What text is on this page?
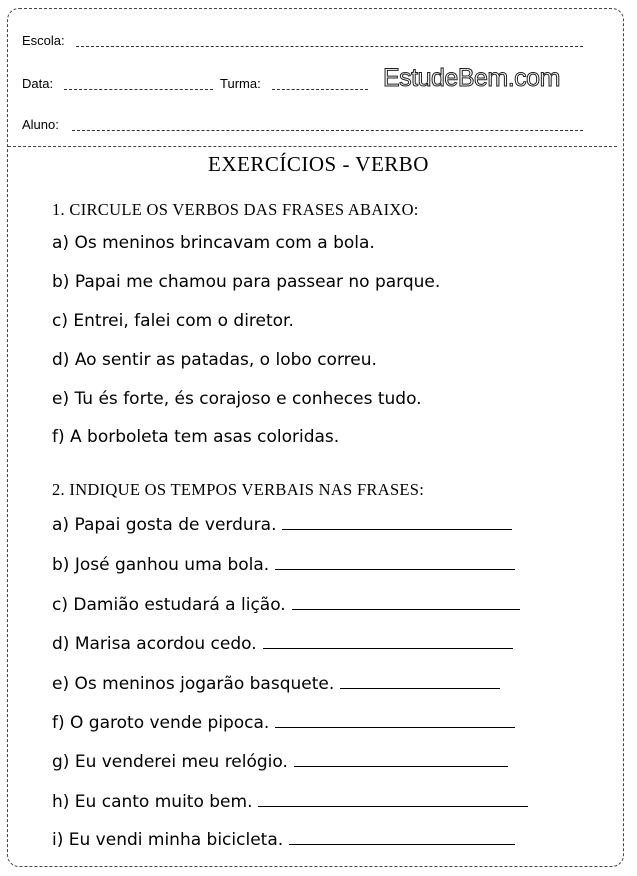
Escola:
Data:	Turma:	EstudeBem.com
Aluno:
EXERCÍCIOS - VERBO
1. CIRCULE OS VERBOS DAS FRASES ABAIXO:
a) Os meninos brincavam com a bola.
b) Papai me chamou para passear no parque.
c) Entrei, falei com o diretor.
d) Ao sentir as patadas, o lobo correu.
e) Tu és forte, és corajoso e conheces tudo.
f) A borboleta tem asas coloridas.
2. INDIQUE OS TEMPOS VERBAIS NAS FRASES:
a) Papai gosta de verdura.
b) José ganhou uma bola.
c) Damião estudará a lição.
d) Marisa acordou cedo.
e) Os meninos jogarão basquete.
f) O garoto vende pipoca.
g) Eu venderei meu relógio.
h) Eu canto muito bem.
i) Eu vendi minha bicicleta.
